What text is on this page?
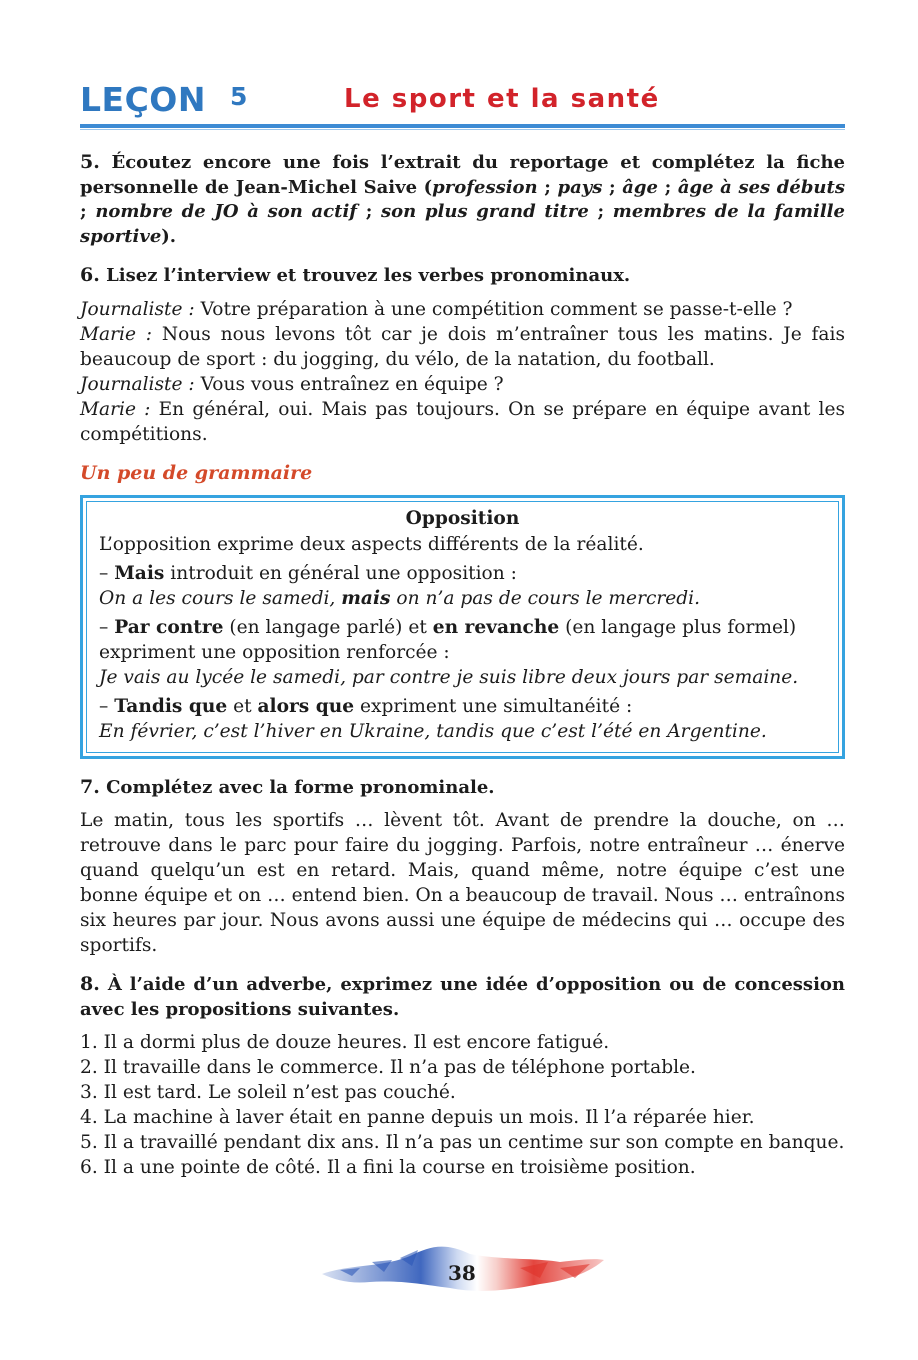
LEÇON 5	Le sport et la santé
5. Écoutez encore une fois l’extrait du reportage et complétez la fiche personnelle de Jean-Michel Saive (profession ; pays ; âge ; âge à ses débuts ; nombre de JO à son actif ; son plus grand titre ; membres de la famille sportive).
6. Lisez l’interview et trouvez les verbes pronominaux.

Journaliste : Votre préparation à une compétition comment se passe-t-elle ?

Marie : Nous nous levons tôt car je dois m’entraîner tous les matins. Je fais beaucoup de sport : du jogging, du vélo, de la natation, du football.

Journaliste : Vous vous entraînez en équipe ?

Marie : En général, oui. Mais pas toujours. On se prépare en équipe avant les compétitions.

Un peu de grammaire
Opposition

L’opposition exprime deux aspects différents de la réalité.

– Mais introduit en général une opposition :

On a les cours le samedi, mais on n’a pas de cours le mercredi.

– Par contre (en langage parlé) et en revanche (en langage plus formel) expriment une opposition renforcée :

Je vais au lycée le samedi, par contre je suis libre deux jours par semaine.

– Tandis que et alors que expriment une simultanéité :

En février, c’est l’hiver en Ukraine, tandis que c’est l’été en Argentine.

7. Complétez avec la forme pronominale.

Le matin, tous les sportifs … lèvent tôt. Avant de prendre la douche, on … retrouve dans le parc pour faire du jogging. Parfois, notre entraîneur … énerve quand quelqu’un est en retard. Mais, quand même, notre équipe c’est une bonne équipe et on … entend bien. On a beaucoup de travail. Nous … entraînons six heures par jour. Nous avons aussi une équipe de médecins qui … occupe des sportifs.

8. À l’aide d’un adverbe, exprimez une idée d’opposition ou de concession avec les propositions suivantes.

1. Il a dormi plus de douze heures. Il est encore fatigué.

2. Il travaille dans le commerce. Il n’a pas de téléphone portable.

3. Il est tard. Le soleil n’est pas couché.

4. La machine à laver était en panne depuis un mois. Il l’a réparée hier.

5. Il a travaillé pendant dix ans. Il n’a pas un centime sur son compte en banque.

6. Il a une pointe de côté. Il a fini la course en troisième position.

38
